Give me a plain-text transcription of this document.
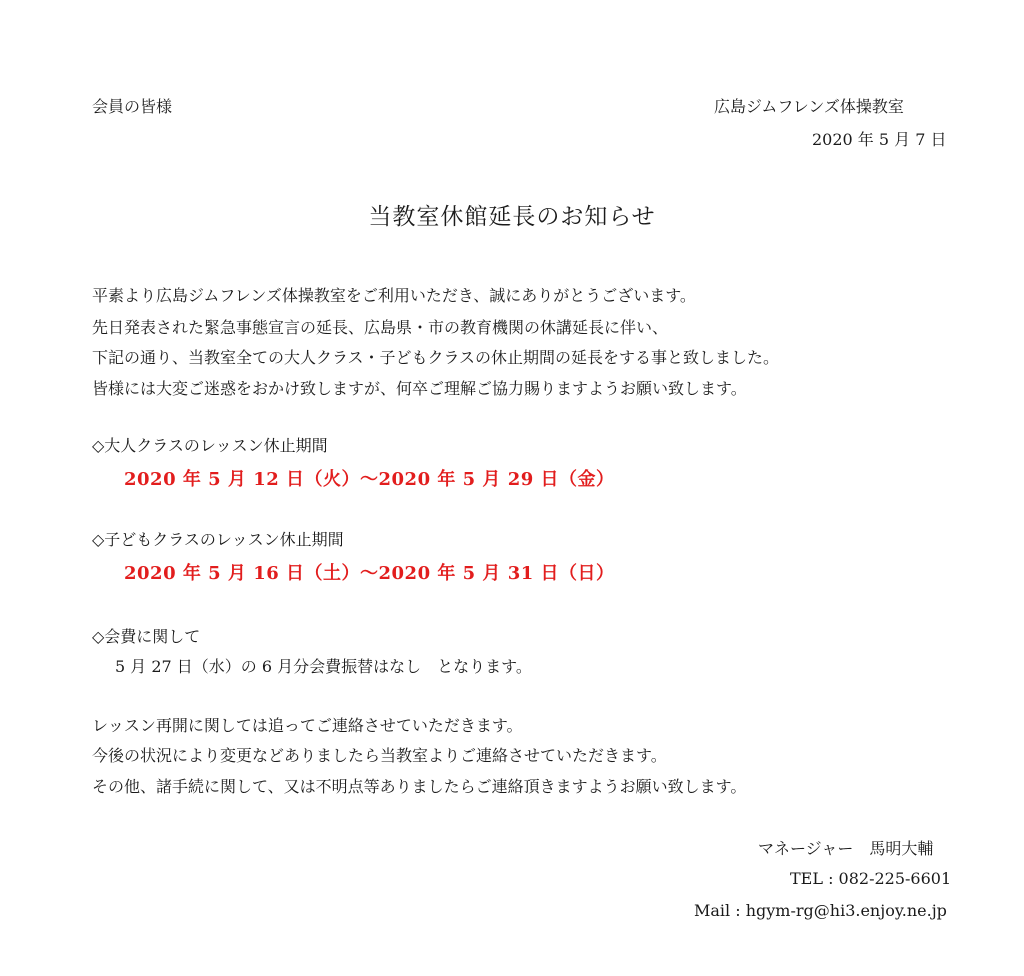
会員の皆様	広島ジムフレンズ体操教室
2020 年 5 月 7 日
当教室休館延長のお知らせ
平素より広島ジムフレンズ体操教室をご利用いただき、誠にありがとうございます。
先日発表された緊急事態宣言の延長、広島県・市の教育機関の休講延長に伴い、
下記の通り、当教室全ての大人クラス・子どもクラスの休止期間の延長をする事と致しました。
皆様には大変ご迷惑をおかけ致しますが、何卒ご理解ご協力賜りますようお願い致します。
◇大人クラスのレッスン休止期間
2020 年 5 月 12 日（火）～2020 年 5 月 29 日（金）
◇子どもクラスのレッスン休止期間
2020 年 5 月 16 日（土）～2020 年 5 月 31 日（日）
◇会費に関して
5 月 27 日（水）の 6 月分会費振替はなし　となります。
レッスン再開に関しては追ってご連絡させていただきます。
今後の状況により変更などありましたら当教室よりご連絡させていただきます。
その他、諸手続に関して、又は不明点等ありましたらご連絡頂きますようお願い致します。
マネージャー　馬明大輔
TEL : 082-225-6601
Mail : hgym-rg@hi3.enjoy.ne.jp
